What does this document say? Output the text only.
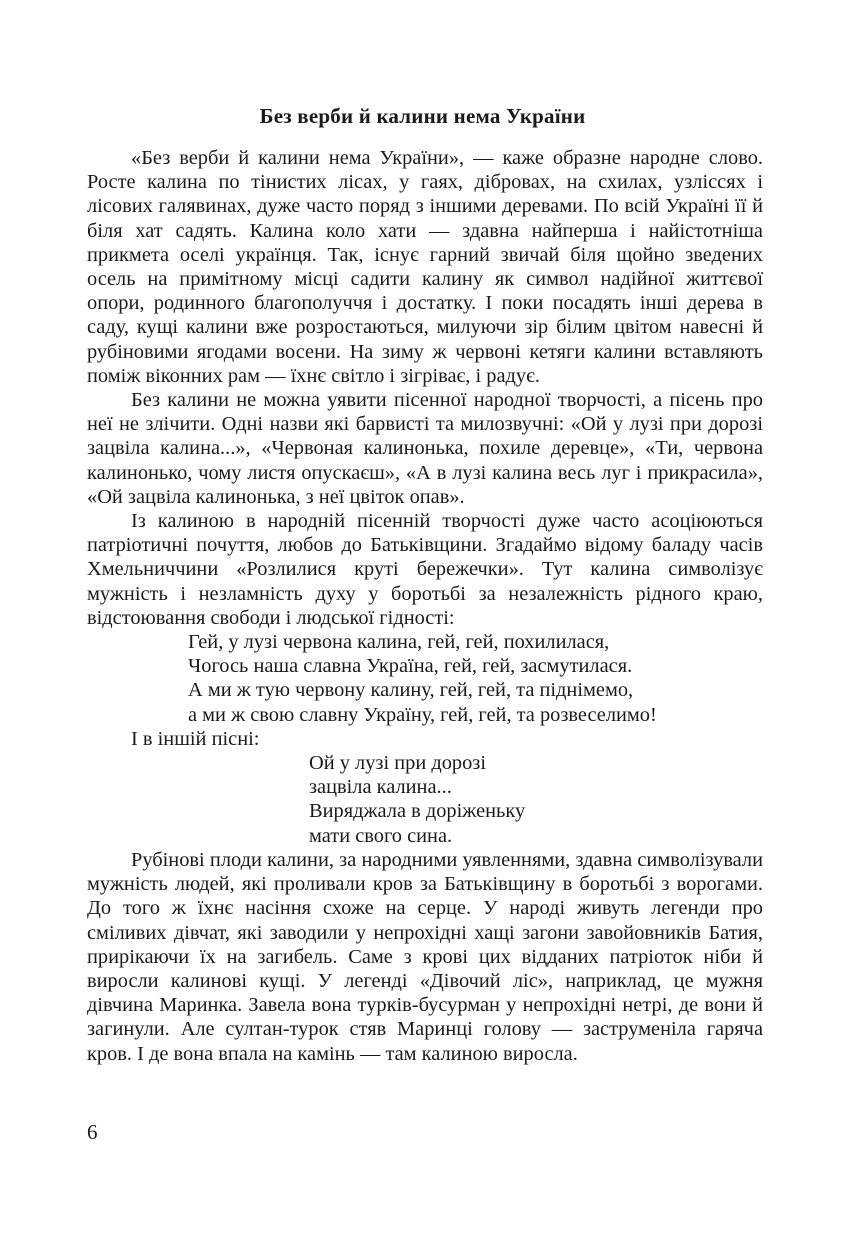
Без верби й калини нема України

«Без верби й калини нема України», — каже образне народне слово. Росте калина по тінистих лісах, у гаях, дібровах, на схилах, узліссях і лісових галявинах, дуже часто поряд з іншими деревами. По всій Україні її й біля хат садять. Калина коло хати — здавна найперша і найістотніша прикмета оселі українця. Так, існує гарний звичай біля щойно зведених осель на примітному місці садити калину як символ надійної життєвої опори, родинного благополуччя і достатку. І поки посадять інші дерева в саду, кущі калини вже розростаються, милуючи зір білим цвітом навесні й рубіновими ягодами восени. На зиму ж червоні кетяги калини вставляють поміж віконних рам — їхнє світло і зігріває, і радує.

Без калини не можна уявити пісенної народної творчості, а пісень про неї не злічити. Одні назви які барвисті та милозвучні: «Ой у лузі при дорозі зацвіла калина...», «Червоная калинонька, похиле деревце», «Ти, червона калинонько, чому листя опускаєш», «А в лузі калина весь луг і прикрасила», «Ой зацвіла калинонька, з неї цвіток опав».

Із калиною в народній пісенній творчості дуже часто асоціюються патріотичні почуття, любов до Батьківщини. Згадаймо відому баладу часів Хмельниччини «Розлилися круті бережечки». Тут калина символізує мужність і незламність духу у боротьбі за незалежність рідного краю, відстоювання свободи і людської гідності:

Гей, у лузі червона калина, гей, гей, похилилася,
Чогось наша славна Україна, гей, гей, засмутилася.
А ми ж тую червону калину, гей, гей, та піднімемо,
а ми ж свою славну Україну, гей, гей, та розвеселимо!

І в іншій пісні:

Ой у лузі при дорозі
зацвіла калина...
Виряджала в доріженьку
мати свого сина.

Рубінові плоди калини, за народними уявленнями, здавна символізували мужність людей, які проливали кров за Батьківщину в боротьбі з ворогами. До того ж їхнє насіння схоже на серце. У народі живуть легенди про сміливих дівчат, які заводили у непрохідні хащі загони завойовників Батия, прирікаючи їх на загибель. Саме з крові цих відданих патріоток ніби й виросли калинові кущі. У легенді «Дівочий ліс», наприклад, це мужня дівчина Маринка. Завела вона турків-бусурман у непрохідні нетрі, де вони й загинули. Але султан-турок стяв Маринці голову — заструменіла гаряча кров. І де вона впала на камінь — там калиною виросла.

6
